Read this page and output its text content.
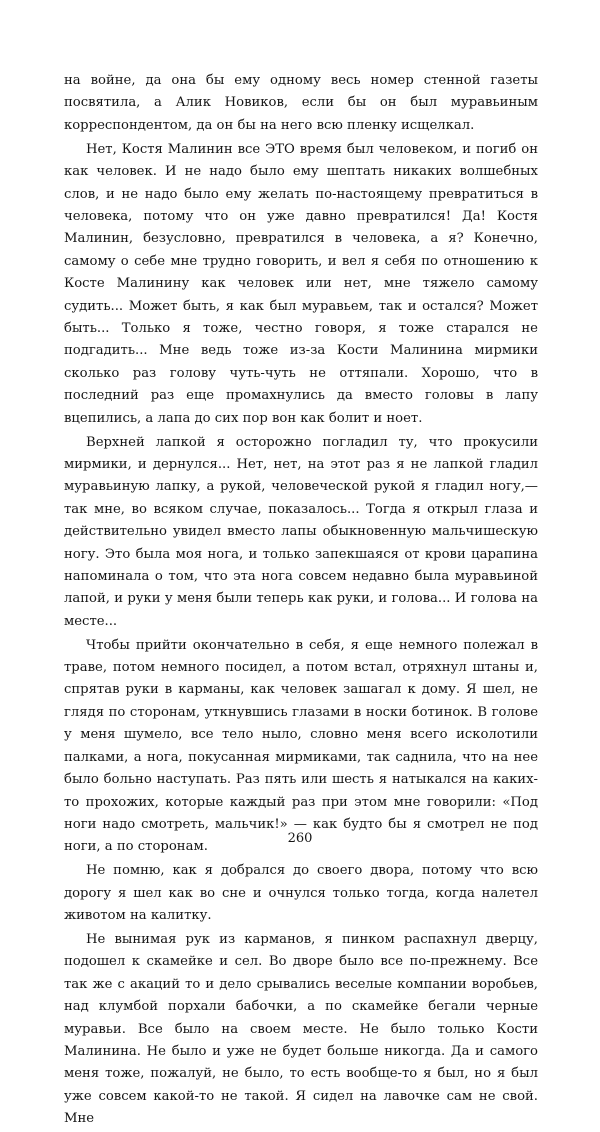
на войне, да она бы ему одному весь номер стенной газеты посвятила, а Алик Новиков, если бы он был муравьиным корреспондентом, да он бы на него всю пленку исщелкал.

Нет, Костя Малинин все ЭТО время был человеком, и погиб он как человек. И не надо было ему шептать никаких волшебных слов, и не надо было ему желать по-настоящему превратиться в человека, потому что он уже давно превратился! Да! Костя Малинин, безусловно, превратился в человека, а я? Конечно, самому о себе мне трудно говорить, и вел я себя по отношению к Косте Малинину как человек или нет, мне тяжело самому судить... Может быть, я как был муравьем, так и остался? Может быть... Только я тоже, честно говоря, я тоже старался не подгадить... Мне ведь тоже из-за Кости Малинина мирмики сколько раз голову чуть-чуть не оттяпали. Хорошо, что в последний раз еще промахнулись да вместо головы в лапу вцепились, а лапа до сих пор вон как болит и ноет.

Верхней лапкой я осторожно погладил ту, что прокусили мирмики, и дернулся... Нет, нет, на этот раз я не лапкой гладил муравьиную лапку, а рукой, человеческой рукой я гладил ногу,— так мне, во всяком случае, показалось... Тогда я открыл глаза и действительно увидел вместо лапы обыкновенную мальчишескую ногу. Это была моя нога, и только запекшаяся от крови царапина напоминала о том, что эта нога совсем недавно была муравьиной лапой, и руки у меня были теперь как руки, и голова... И голова на месте...

Чтобы прийти окончательно в себя, я еще немного полежал в траве, потом немного посидел, а потом встал, отряхнул штаны и, спрятав руки в карманы, как человек зашагал к дому. Я шел, не глядя по сторонам, уткнувшись глазами в носки ботинок. В голове у меня шумело, все тело ныло, словно меня всего исколотили палками, а нога, покусанная мирмиками, так саднила, что на нее было больно наступать. Раз пять или шесть я натыкался на каких-то прохожих, которые каждый раз при этом мне говорили: «Под ноги надо смотреть, мальчик!» — как будто бы я смотрел не под ноги, а по сторонам.

Не помню, как я добрался до своего двора, потому что всю дорогу я шел как во сне и очнулся только тогда, когда налетел животом на калитку.

Не вынимая рук из карманов, я пинком распахнул дверцу, подошел к скамейке и сел. Во дворе было все по-прежнему. Все так же с акаций то и дело срывались веселые компании воробьев, над клумбой порхали бабочки, а по скамейке бегали черные муравьи. Все было на своем месте. Не было только Кости Малинина. Не было и уже не будет больше никогда. Да и самого меня тоже, пожалуй, не было, то есть вообще-то я был, но я был уже совсем какой-то не такой. Я сидел на лавочке сам не свой. Мне

260
